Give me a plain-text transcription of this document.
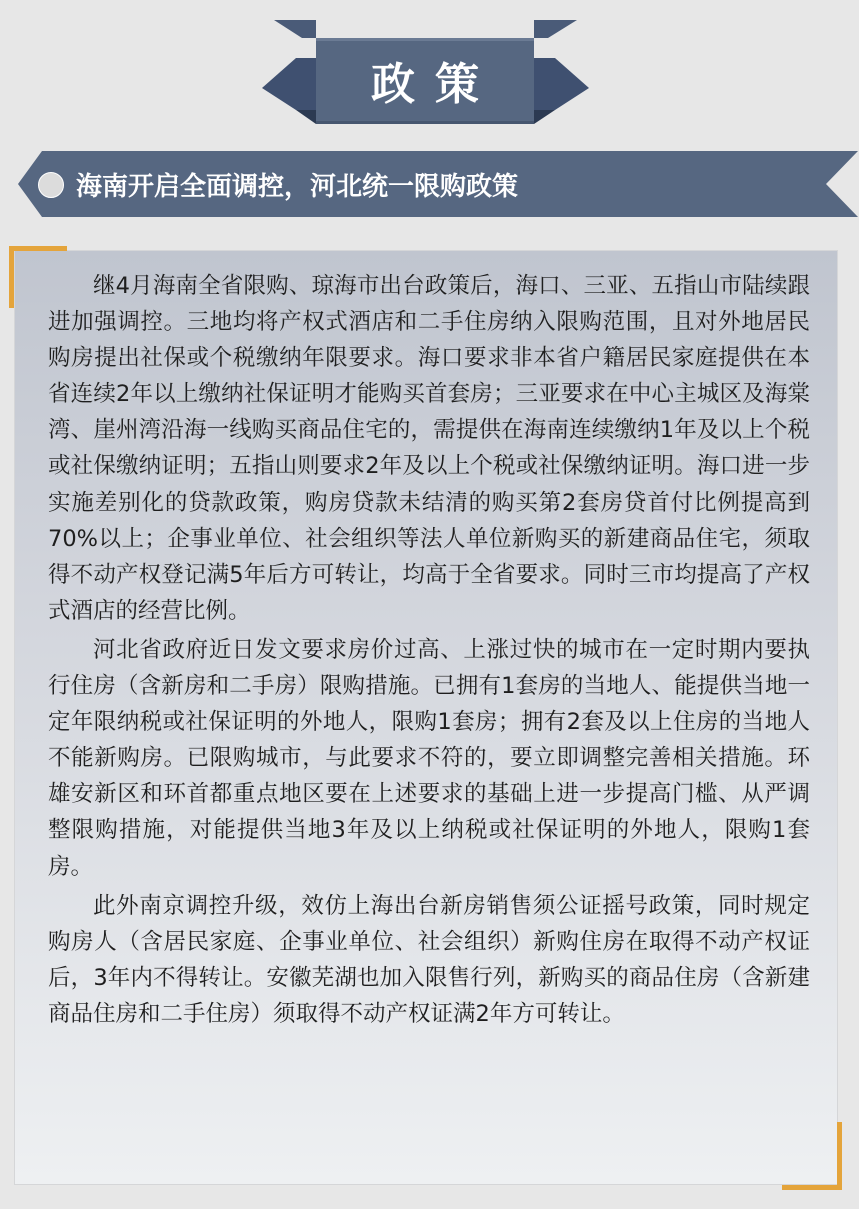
政策
海南开启全面调控，河北统一限购政策

继4月海南全省限购、琼海市出台政策后，海口、三亚、五指山市陆续跟进加强调控。三地均将产权式酒店和二手住房纳入限购范围，且对外地居民购房提出社保或个税缴纳年限要求。海口要求非本省户籍居民家庭提供在本省连续2年以上缴纳社保证明才能购买首套房；三亚要求在中心主城区及海棠湾、崖州湾沿海一线购买商品住宅的，需提供在海南连续缴纳1年及以上个税或社保缴纳证明；五指山则要求2年及以上个税或社保缴纳证明。海口进一步实施差别化的贷款政策，购房贷款未结清的购买第2套房贷首付比例提高到70%以上；企事业单位、社会组织等法人单位新购买的新建商品住宅，须取得不动产权登记满5年后方可转让，均高于全省要求。同时三市均提高了产权式酒店的经营比例。

河北省政府近日发文要求房价过高、上涨过快的城市在一定时期内要执行住房（含新房和二手房）限购措施。已拥有1套房的当地人、能提供当地一定年限纳税或社保证明的外地人，限购1套房；拥有2套及以上住房的当地人不能新购房。已限购城市，与此要求不符的，要立即调整完善相关措施。环雄安新区和环首都重点地区要在上述要求的基础上进一步提高门槛、从严调整限购措施，对能提供当地3年及以上纳税或社保证明的外地人，限购1套房。

此外南京调控升级，效仿上海出台新房销售须公证摇号政策，同时规定购房人（含居民家庭、企事业单位、社会组织）新购住房在取得不动产权证后，3年内不得转让。安徽芜湖也加入限售行列，新购买的商品住房（含新建商品住房和二手住房）须取得不动产权证满2年方可转让。
